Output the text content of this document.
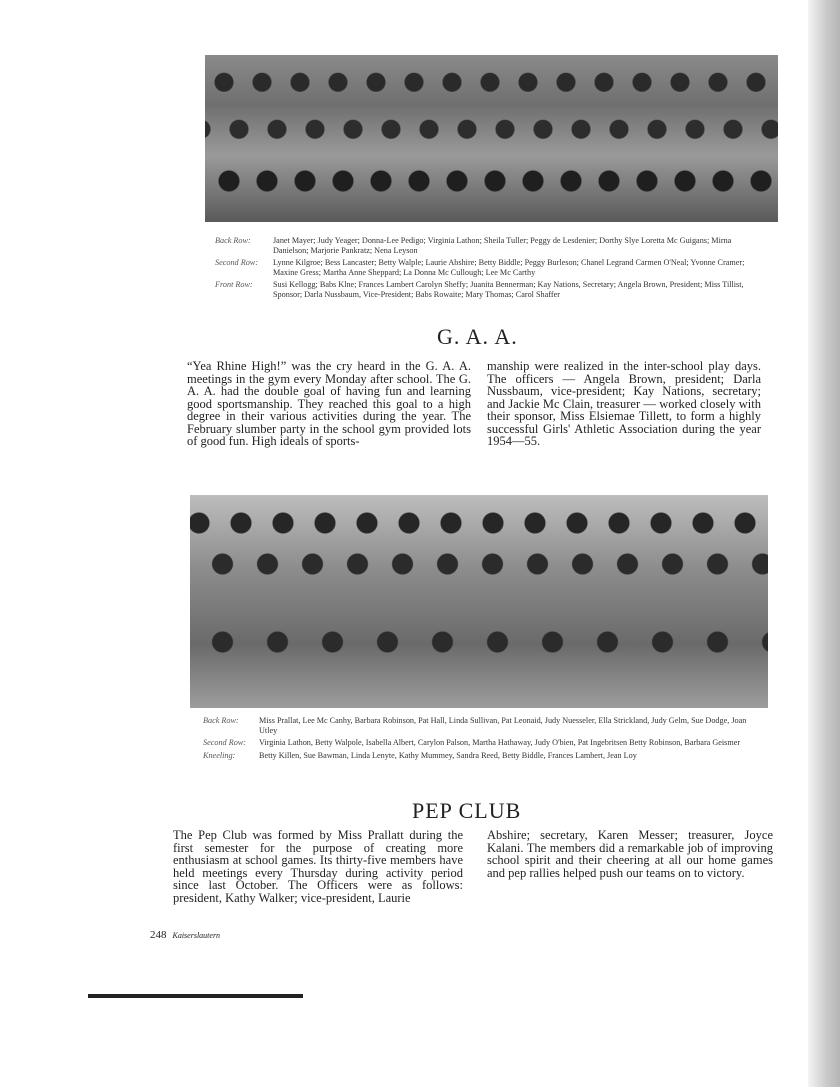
Back Row:	Janet Mayer; Judy Yeager; Donna-Lee Pedigo; Virginia Lathon; Sheila Tuller; Peggy de Lesdenier; Dorthy Slye Loretta Mc Guigans; Mirna Danielson; Marjorie Pankratz; Nena Leyson
Second Row:	Lynne Kilgroe; Bess Lancaster; Betty Walple; Laurie Abshire; Betty Biddle; Peggy Burleson; Chanel Legrand Carmen O'Neal; Yvonne Cramer; Maxine Gress; Martha Anne Sheppard; La Donna Mc Cullough; Lee Mc Carthy
Front Row:	Susi Kellogg; Babs Klne; Frances Lambert Carolyn Sheffy; Juanita Bennerman; Kay Nations, Secretary; Angela Brown, President; Miss Tillist, Sponsor; Darla Nussbaum, Vice-President; Babs Rowaite; Mary Thomas; Carol Shaffer
G. A. A.
“Yea Rhine High!” was the cry heard in the G. A. A. meetings in the gym every Monday after school. The G. A. A. had the double goal of having fun and learning good sportsmanship. They reached this goal to a high degree in their various activities during the year. The February slumber party in the school gym provided lots of good fun. High ideals of sports-
manship were realized in the inter-school play days. The officers — Angela Brown, president; Darla Nussbaum, vice-president; Kay Nations, secretary; and Jackie Mc Clain, treasurer — worked closely with their sponsor, Miss Elsiemae Tillett, to form a highly successful Girls' Athletic Association during the year 1954—55.
Back Row:	Miss Prallat, Lee Mc Canhy, Barbara Robinson, Pat Hall, Linda Sullivan, Pat Leonaid, Judy Nuesseler, Ella Strickland, Judy Gelm, Sue Dodge, Joan Utley
Second Row:	Virginia Lathon, Betty Walpole, Isabella Albert, Carylon Palson, Martha Hathaway, Judy O'bien, Pat Ingebritsen Betty Robinson, Barbara Geismer
Kneeling:	Betty Killen, Sue Bawman, Linda Lenyte, Kathy Mummey, Sandra Reed, Betty Biddle, Frances Lambert, Jean Loy
PEP CLUB
The Pep Club was formed by Miss Prallatt during the first semester for the purpose of creating more enthusiasm at school games. Its thirty-five members have held meetings every Thursday during activity period since last October. The Officers were as follows: president, Kathy Walker; vice-president, Laurie
Abshire; secretary, Karen Messer; treasurer, Joyce Kalani. The members did a remarkable job of improving school spirit and their cheering at all our home games and pep rallies helped push our teams on to victory.
248 Kaiserslautern
